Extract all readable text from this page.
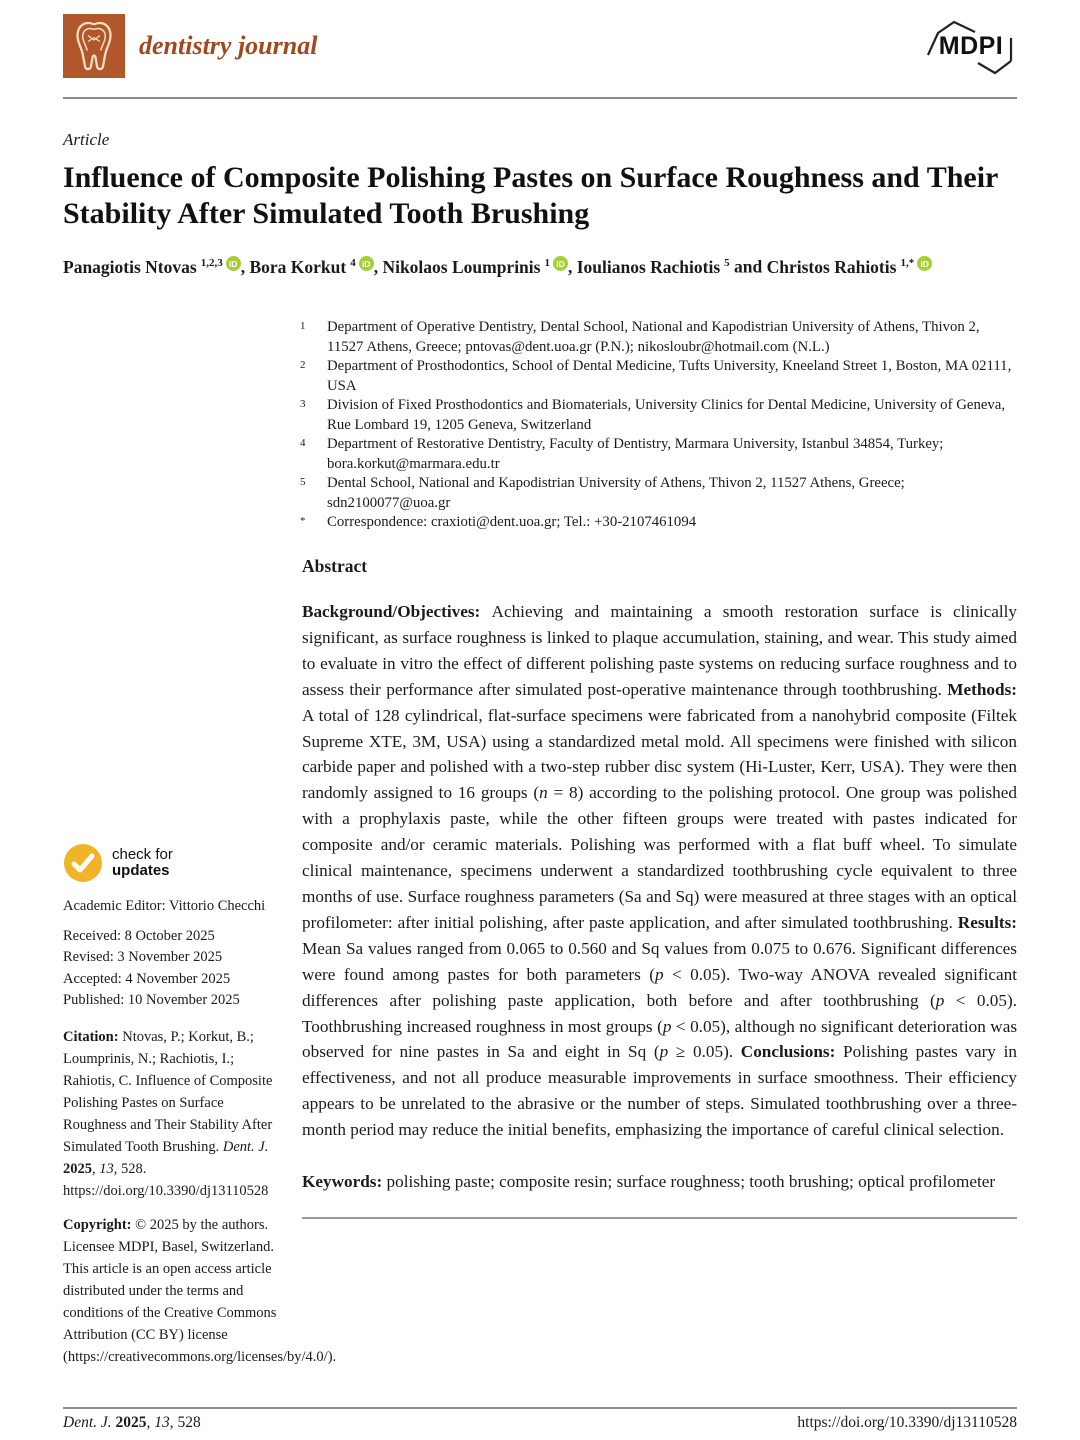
dentistry journal	MDPI
Article
Influence of Composite Polishing Pastes on Surface Roughness and Their Stability After Simulated Tooth Brushing
Panagiotis Ntovas $^{1,2,3}$ iD , Bora Korkut $^4$ iD , Nikolaos Loumprinis $^1$ iD , Ioulianos Rachiotis $^5$ and Christos Rahiotis $^{1,*}$ iD
1	Department of Operative Dentistry, Dental School, National and Kapodistrian University of Athens, Thivon 2, 11527 Athens, Greece; pntovas@dent.uoa.gr (P.N.); nikosloubr@hotmail.com (N.L.)
2	Department of Prosthodontics, School of Dental Medicine, Tufts University, Kneeland Street 1, Boston, MA 02111, USA
3	Division of Fixed Prosthodontics and Biomaterials, University Clinics for Dental Medicine, University of Geneva, Rue Lombard 19, 1205 Geneva, Switzerland
4	Department of Restorative Dentistry, Faculty of Dentistry, Marmara University, Istanbul 34854, Turkey; bora.korkut@marmara.edu.tr
5	Dental School, National and Kapodistrian University of Athens, Thivon 2, 11527 Athens, Greece; sdn2100077@uoa.gr
*	Correspondence: craxioti@dent.uoa.gr; Tel.: +30-2107461094
Abstract

Background/Objectives: Achieving and maintaining a smooth restoration surface is clinically significant, as surface roughness is linked to plaque accumulation, staining, and wear. This study aimed to evaluate in vitro the effect of different polishing paste systems on reducing surface roughness and to assess their performance after simulated post-operative maintenance through toothbrushing. Methods: A total of 128 cylindrical, flat-surface specimens were fabricated from a nanohybrid composite (Filtek Supreme XTE, 3M, USA) using a standardized metal mold. All specimens were finished with silicon carbide paper and polished with a two-step rubber disc system (Hi-Luster, Kerr, USA). They were then randomly assigned to 16 groups (n = 8) according to the polishing protocol. One group was polished with a prophylaxis paste, while the other fifteen groups were treated with pastes indicated for composite and/or ceramic materials. Polishing was performed with a flat buff wheel. To simulate clinical maintenance, specimens underwent a standardized toothbrushing cycle equivalent to three months of use. Surface roughness parameters (Sa and Sq) were measured at three stages with an optical profilometer: after initial polishing, after paste application, and after simulated toothbrushing. Results: Mean Sa values ranged from 0.065 to 0.560 and Sq values from 0.075 to 0.676. Significant differences were found among pastes for both parameters (p < 0.05). Two-way ANOVA revealed significant differences after polishing paste application, both before and after toothbrushing (p < 0.05). Toothbrushing increased roughness in most groups (p < 0.05), although no significant deterioration was observed for nine pastes in Sa and eight in Sq (p ≥ 0.05). Conclusions: Polishing pastes vary in effectiveness, and not all produce measurable improvements in surface smoothness. Their efficiency appears to be unrelated to the abrasive or the number of steps. Simulated toothbrushing over a three-month period may reduce the initial benefits, emphasizing the importance of careful clinical selection.

Keywords: polishing paste; composite resin; surface roughness; tooth brushing; optical profilometer

check for
updates
Academic Editor: Vittorio Checchi
Received: 8 October 2025
Revised: 3 November 2025
Accepted: 4 November 2025
Published: 10 November 2025
Citation: Ntovas, P.; Korkut, B.; Loumprinis, N.; Rachiotis, I.; Rahiotis, C. Influence of Composite Polishing Pastes on Surface Roughness and Their Stability After Simulated Tooth Brushing. Dent. J. 2025, 13, 528. https://doi.org/10.3390/dj13110528
Copyright: © 2025 by the authors. Licensee MDPI, Basel, Switzerland. This article is an open access article distributed under the terms and conditions of the Creative Commons Attribution (CC BY) license (https://creativecommons.org/licenses/by/4.0/).
Dent. J. 2025, 13, 528	https://doi.org/10.3390/dj13110528
